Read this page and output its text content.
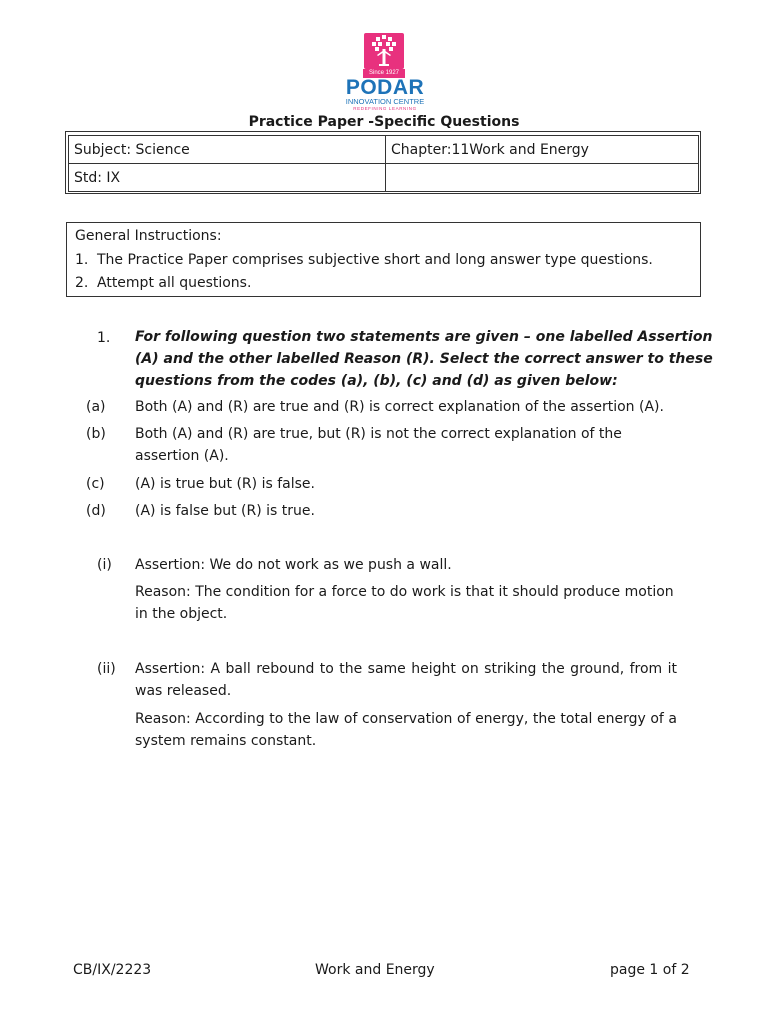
Since 1927
PODAR
INNOVATION CENTRE
REDEFINING LEARNING
Practice Paper -Specific Questions
Subject: Science	Chapter:11Work and Energy
Std: IX	
General Instructions:
1. The Practice Paper comprises subjective short and long answer type questions.
2. Attempt all questions.
1. For following question two statements are given – one labelled Assertion
(A) and the other labelled Reason (R). Select the correct answer to these
questions from the codes (a), (b), (c) and (d) as given below:
(a) Both (A) and (R) are true and (R) is correct explanation of the assertion (A).
(b) Both (A) and (R) are true, but (R) is not the correct explanation of the assertion (A).
(c) (A) is true but (R) is false.
(d) (A) is false but (R) is true.
(i) Assertion: We do not work as we push a wall.
Reason: The condition for a force to do work is that it should produce motion in the object.
(ii) Assertion: A ball rebound to the same height on striking the ground, from it was released.
Reason: According to the law of conservation of energy, the total energy of a system remains constant.
CB/IX/2223	Work and Energy	page 1 of 2
